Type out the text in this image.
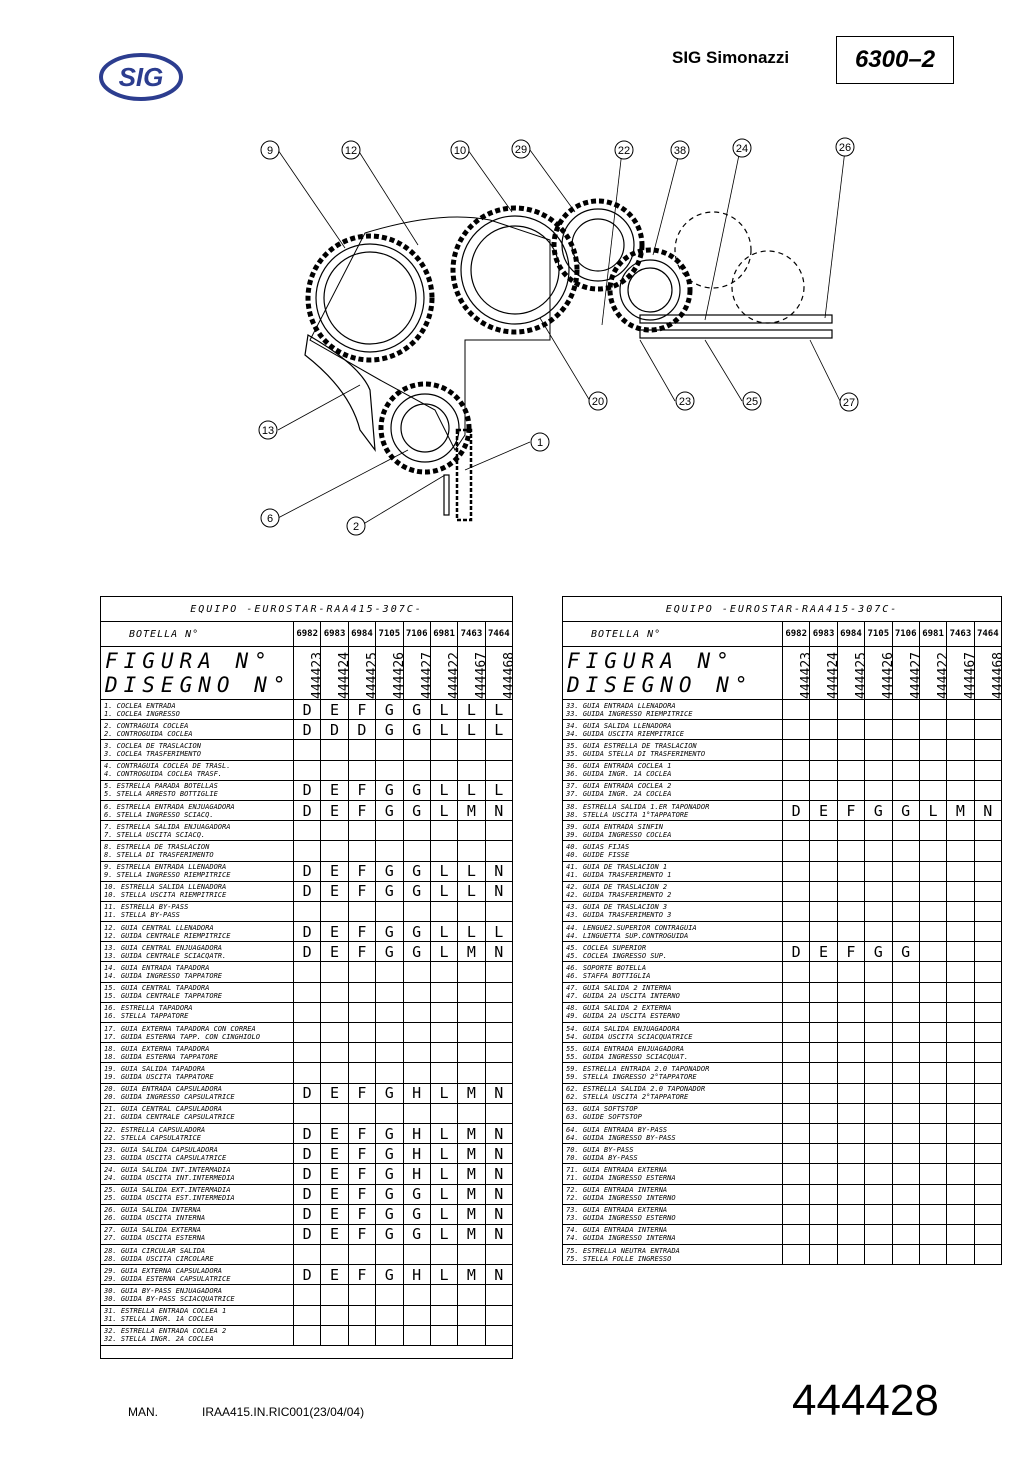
SIG
SIG Simonazzi	6300–2
9	12	10	29	22	38	24	26
20	23	25	27
13
1
6
2
EQUIPO -EUROSTAR-RAA415-307C-								
BOTELLA N°	6982	6983	6984	7105	7106	6981	7463	7464

FIGURA N°
DISEGNO N°	444423	444424	444425	444426	444427	444422	444467	444468

1. COCLEA ENTRADA
1. COCLEA INGRESSO	D	E	F	G	G	L	L	L

2. CONTRAGUIA COCLEA
2. CONTROGUIDA COCLEA	D	D	D	G	G	L	L	L

3. COCLEA DE TRASLACION
3. COCLEA TRASFERIMENTO								

4. CONTRAGUIA COCLEA DE TRASL.
4. CONTROGUIDA COCLEA TRASF.								

5. ESTRELLA PARADA BOTELLAS
5. STELLA ARRESTO BOTTIGLIE	D	E	F	G	G	L	L	L

6. ESTRELLA ENTRADA ENJUAGADORA
6. STELLA INGRESSO SCIACQ.	D	E	F	G	G	L	M	N

7. ESTRELLA SALIDA ENJUAGADORA
7. STELLA USCITA SCIACQ.								

8. ESTRELLA DE TRASLACION
8. STELLA DI TRASFERIMENTO								

9. ESTRELLA ENTRADA LLENADORA
9. STELLA INGRESSO RIEMPITRICE	D	E	F	G	G	L	L	N

10. ESTRELLA SALIDA LLENADORA
10. STELLA USCITA RIEMPITRICE	D	E	F	G	G	L	L	N

11. ESTRELLA BY-PASS
11. STELLA BY-PASS								

12. GUIA CENTRAL LLENADORA
12. GUIDA CENTRALE RIEMPITRICE	D	E	F	G	G	L	L	L

13. GUIA CENTRAL ENJUAGADORA
13. GUIDA CENTRALE SCIACQATR.	D	E	F	G	G	L	M	N

14. GUIA ENTRADA TAPADORA
14. GUIDA INGRESSO TAPPATORE								

15. GUIA CENTRAL TAPADORA
15. GUIDA CENTRALE TAPPATORE								

16. ESTRELLA TAPADORA
16. STELLA TAPPATORE								

17. GUIA EXTERNA TAPADORA CON CORREA
17. GUIDA ESTERNA TAPP. CON CINGHIOLO								

18. GUIA EXTERNA TAPADORA
18. GUIDA ESTERNA TAPPATORE								

19. GUIA SALIDA TAPADORA
19. GUIDA USCITA TAPPATORE								

20. GUIA ENTRADA CAPSULADORA
20. GUIDA INGRESSO CAPSULATRICE	D	E	F	G	H	L	M	N

21. GUIA CENTRAL CAPSULADORA
21. GUIDA CENTRALE CAPSULATRICE								

22. ESTRELLA CAPSULADORA
22. STELLA CAPSULATRICE	D	E	F	G	H	L	M	N

23. GUIA SALIDA CAPSULADORA
23. GUIDA USCITA CAPSULATRICE	D	E	F	G	H	L	M	N

24. GUIA SALIDA INT.INTERMADIA
24. GUIDA USCITA INT.INTERMEDIA	D	E	F	G	H	L	M	N

25. GUIA SALIDA EXT.INTERMADIA
25. GUIDA USCITA EST.INTERMEDIA	D	E	F	G	G	L	M	N

26. GUIA SALIDA INTERNA
26. GUIDA USCITA INTERNA	D	E	F	G	G	L	M	N

27. GUIA SALIDA EXTERNA
27. GUIDA USCITA ESTERNA	D	E	F	G	G	L	M	N

28. GUIA CIRCULAR SALIDA
28. GUIDA USCITA CIRCOLARE								

29. GUIA EXTERNA CAPSULADORA
29. GUIDA ESTERNA CAPSULATRICE	D	E	F	G	H	L	M	N

30. GUIA BY-PASS ENJUAGADORA
30. GUIDA BY-PASS SCIACQUATRICE								

31. ESTRELLA ENTRADA COCLEA 1
31. STELLA INGR. 1A COCLEA								

32. ESTRELLA ENTRADA COCLEA 2
32. STELLA INGR. 2A COCLEA								

EQUIPO -EUROSTAR-RAA415-307C-								
BOTELLA N°	6982	6983	6984	7105	7106	6981	7463	7464

FIGURA N°
DISEGNO N°	444423	444424	444425	444426	444427	444422	444467	444468

33. GUIA ENTRADA LLENADORA
33. GUIDA INGRESSO RIEMPITRICE								

34. GUIA SALIDA LLENADORA
34. GUIDA USCITA RIEMPITRICE								

35. GUIA ESTRELLA DE TRASLACION
35. GUIDA STELLA DI TRASFERIMENTO								

36. GUIA ENTRADA COCLEA 1
36. GUIDA INGR. 1A COCLEA								

37. GUIA ENTRADA COCLEA 2
37. GUIDA INGR. 2A COCLEA								

38. ESTRELLA SALIDA 1.ER TAPONADOR
38. STELLA USCITA 1°TAPPATORE	D	E	F	G	G	L	M	N

39. GUIA ENTRADA SINFIN
39. GUIDA INGRESSO COCLEA								

40. GUIAS FIJAS
40. GUIDE FISSE								

41. GUIA DE TRASLACION 1
41. GUIDA TRASFERIMENTO 1								

42. GUIA DE TRASLACION 2
42. GUIDA TRASFERIMENTO 2								

43. GUIA DE TRASLACION 3
43. GUIDA TRASFERIMENTO 3								

44. LENGUE2.SUPERIOR CONTRAGUIA
44. LINGUETTA SUP.CONTROGUIDA								

45. COCLEA SUPERIOR
45. COCLEA INGRESSO SUP.	D	E	F	G	G			

46. SOPORTE BOTELLA
46. STAFFA BOTTIGLIA								

47. GUIA SALIDA 2 INTERNA
47. GUIDA 2A USCITA INTERNO								

48. GUIA SALIDA 2 EXTERNA
49. GUIDA 2A USCITA ESTERNO								

54. GUIA SALIDA ENJUAGADORA
54. GUIDA USCITA SCIACQUATRICE								

55. GUIA ENTRADA ENJUAGADORA
55. GUIDA INGRESSO SCIACQUAT.								

59. ESTRELLA ENTRADA 2.0 TAPONADOR
59. STELLA INGRESSO 2°TAPPATORE								

62. ESTRELLA SALIDA 2.0 TAPONADOR
62. STELLA USCITA 2°TAPPATORE								

63. GUIA SOFTSTOP
63. GUIDE SOFTSTOP								

64. GUIA ENTRADA BY-PASS
64. GUIDA INGRESSO BY-PASS								

70. GUIA BY-PASS
70. GUIDA BY-PASS								

71. GUIA ENTRADA EXTERNA
71. GUIDA INGRESSO ESTERNA								

72. GUIA ENTRADA INTERNA
72. GUIDA INGRESSO INTERNO								

73. GUIA ENTRADA EXTERNA
73. GUIDA INGRESSO ESTERNO								

74. GUIA ENTRADA INTERNA
74. GUIDA INGRESSO INTERNA								

75. ESTRELLA NEUTRA ENTRADA
75. STELLA FOLLE INGRESSO								

MAN.	IRAA415.IN.RIC001(23/04/04)	444428
